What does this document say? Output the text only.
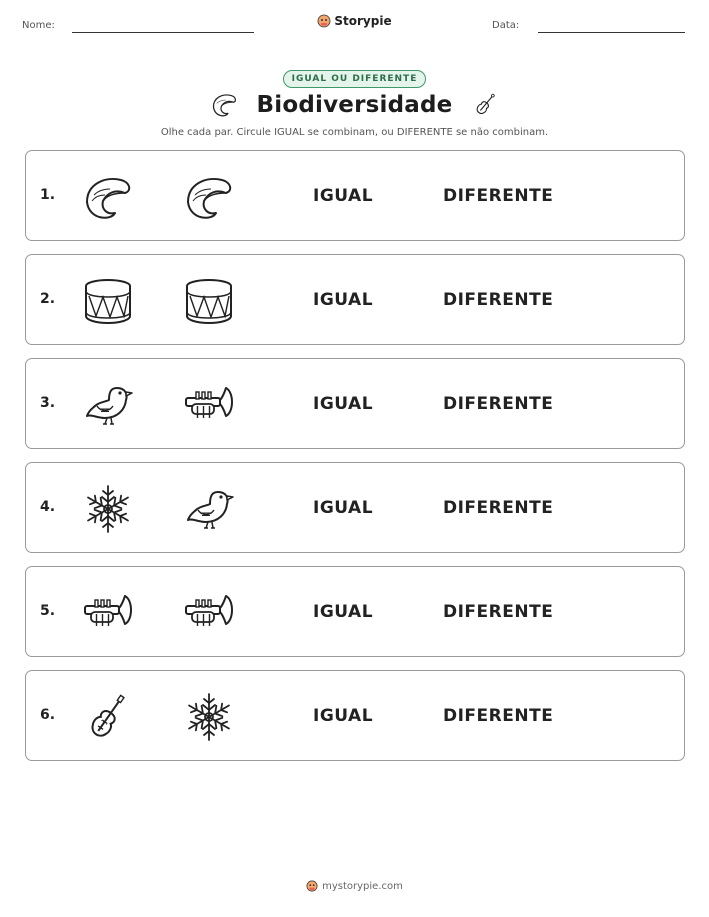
Nome:	Storypie	Data:
IGUAL OU DIFERENTE
Biodiversidade
Olhe cada par. Circule IGUAL se combinam, ou DIFERENTE se não combinam.
1.	IGUAL	DIFERENTE
2.	IGUAL	DIFERENTE
3.	IGUAL	DIFERENTE
4.	IGUAL	DIFERENTE
5.	IGUAL	DIFERENTE
6.	IGUAL	DIFERENTE
mystorypie.com
